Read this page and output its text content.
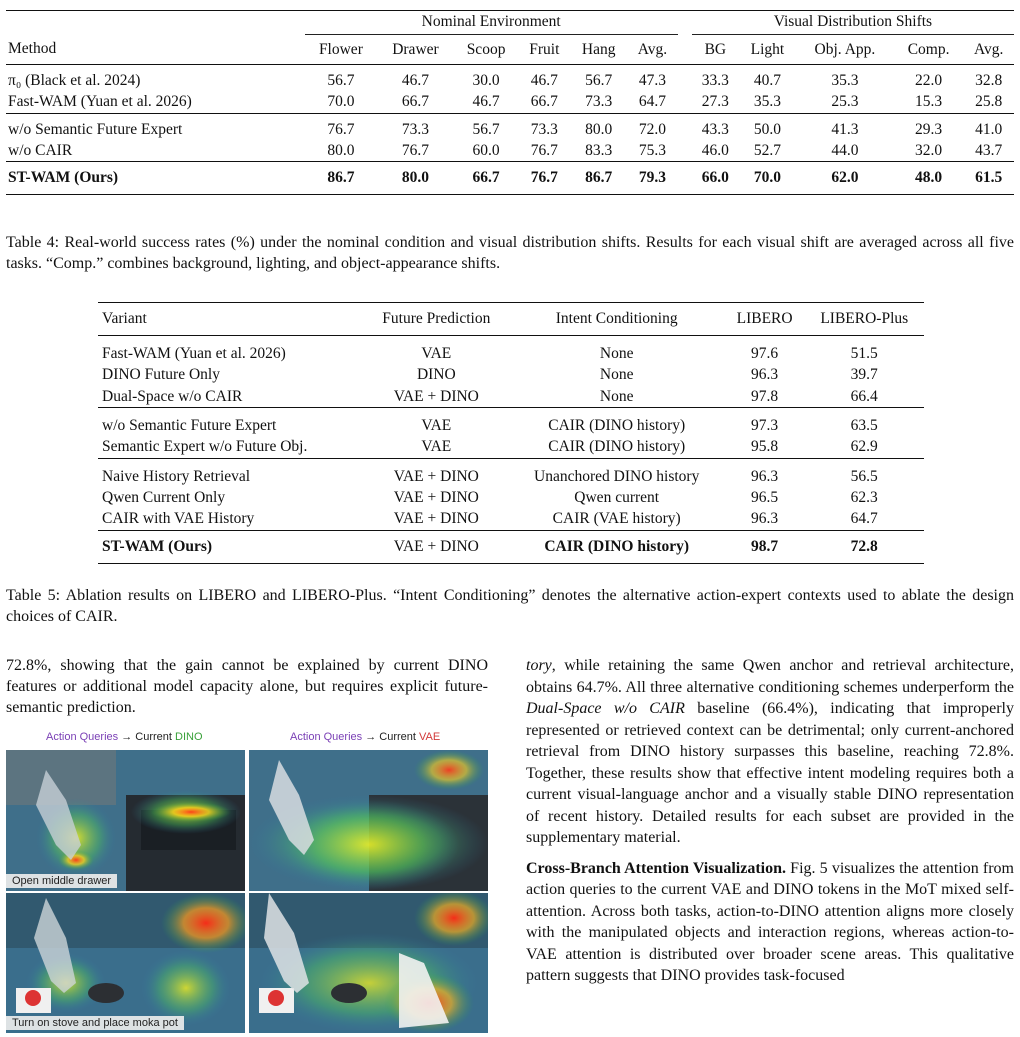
		Nominal Environment							Visual Distribution Shifts				
Method		Flower	Drawer	Scoop	Fruit	Hang	Avg.		BG	Light	Obj. App.	Comp.	Avg.
π₀ (Black et al. 2024)		56.7	46.7	30.0	46.7	56.7	47.3		33.3	40.7	35.3	22.0	32.8
Fast-WAM (Yuan et al. 2026)		70.0	66.7	46.7	66.7	73.3	64.7		27.3	35.3	25.3	15.3	25.8
w/o Semantic Future Expert		76.7	73.3	56.7	73.3	80.0	72.0		43.3	50.0	41.3	29.3	41.0
w/o CAIR		80.0	76.7	60.0	76.7	83.3	75.3		46.0	52.7	44.0	32.0	43.7
ST-WAM (Ours)		86.7	80.0	66.7	76.7	86.7	79.3		66.0	70.0	62.0	48.0	61.5
Table 4: Real-world success rates (%) under the nominal condition and visual distribution shifts. Results for each visual shift are averaged across all five tasks. “Comp.” combines background, lighting, and object-appearance shifts.
Variant	Future Prediction	Intent Conditioning	LIBERO	LIBERO-Plus
Fast-WAM (Yuan et al. 2026)	VAE	None	97.6	51.5
DINO Future Only	DINO	None	96.3	39.7
Dual-Space w/o CAIR	VAE + DINO	None	97.8	66.4
w/o Semantic Future Expert	VAE	CAIR (DINO history)	97.3	63.5
Semantic Expert w/o Future Obj.	VAE	CAIR (DINO history)	95.8	62.9
Naive History Retrieval	VAE + DINO	Unanchored DINO history	96.3	56.5
Qwen Current Only	VAE + DINO	Qwen current	96.5	62.3
CAIR with VAE History	VAE + DINO	CAIR (VAE history)	96.3	64.7
ST-WAM (Ours)	VAE + DINO	CAIR (DINO history)	98.7	72.8
Table 5: Ablation results on LIBERO and LIBERO-Plus. “Intent Conditioning” denotes the alternative action-expert contexts used to ablate the design choices of CAIR.
72.8%, showing that the gain cannot be explained by current DINO features or additional model capacity alone, but requires explicit future-semantic prediction.
Action Queries → Current DINO	Action Queries → Current VAE
Open middle drawer
Turn on stove and place moka pot

tory, while retaining the same Qwen anchor and retrieval architecture, obtains 64.7%. All three alternative conditioning schemes underperform the Dual-Space w/o CAIR baseline (66.4%), indicating that improperly represented or retrieved context can be detrimental; only current-anchored retrieval from DINO history surpasses this baseline, reaching 72.8%. Together, these results show that effective intent modeling requires both a current visual-language anchor and a visually stable DINO representation of recent history. Detailed results for each subset are provided in the supplementary material.

Cross-Branch Attention Visualization. Fig. 5 visualizes the attention from action queries to the current VAE and DINO tokens in the MoT mixed self-attention. Across both tasks, action-to-DINO attention aligns more closely with the manipulated objects and interaction regions, whereas action-to-VAE attention is distributed over broader scene areas. This qualitative pattern suggests that DINO provides task-focused
